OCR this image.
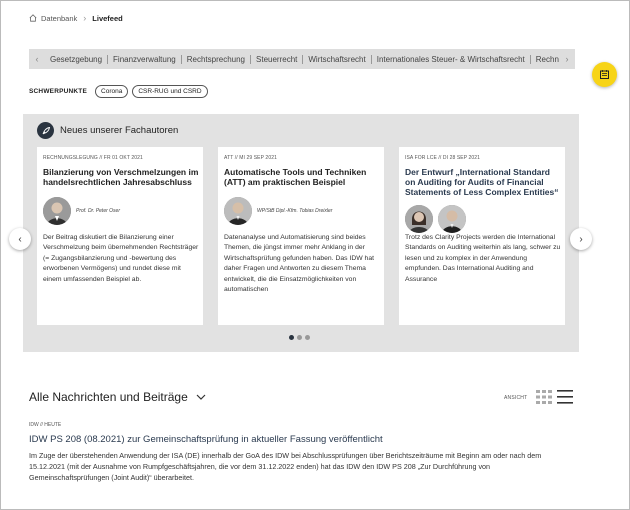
Datenbank › Livefeed
‹	Gesetzgebung	Finanzverwaltung	Rechtsprechung	Steuerrecht	Wirtschaftsrecht	Internationales Steuer- & Wirtschaftsrecht	Rechn ›
SCHWERPUNKTE	Corona	CSR-RUG und CSRD
Neues unserer Fachautoren
RECHNUNGSLEGUNG // FR 01 OKT 2021
Bilanzierung von Verschmelzungen im handelsrechtlichen Jahresabschluss
Prof. Dr. Peter Oser
Der Beitrag diskutiert die Bilanzierung einer Verschmelzung beim übernehmenden Rechtsträger (= Zugangsbilanzierung und -bewertung des erworbenen Vermögens) und rundet diese mit einem umfassenden Beispiel ab.
ATT // MI 29 SEP 2021
Automatische Tools und Techniken (ATT) am praktischen Beispiel
WP/StB Dipl.-Kfm. Tobias Dreixler
Datenanalyse und Automatisierung sind beides Themen, die jüngst immer mehr Anklang in der Wirtschaftsprüfung gefunden haben. Das IDW hat daher Fragen und Antworten zu diesem Thema entwickelt, die die Einsatzmöglichkeiten von automatischen
ISA FOR LCE // DI 28 SEP 2021
Der Entwurf „International Standard on Auditing for Audits of Financial Statements of Less Complex Entities“
Trotz des Clarity Projects werden die International Standards on Auditing weiterhin als lang, schwer zu lesen und zu komplex in der Anwendung empfunden. Das International Auditing and Assurance
‹	›
Alle Nachrichten und Beiträge	ANSICHT
IDW // HEUTE
IDW PS 208 (08.2021) zur Gemeinschaftsprüfung in aktueller Fassung veröffentlicht
Im Zuge der überstehenden Anwendung der ISA (DE) innerhalb der GoA des IDW bei Abschlussprüfungen über Berichtszeiträume mit Beginn am oder nach dem 15.12.2021 (mit der Ausnahme von Rumpfgeschäftsjahren, die vor dem 31.12.2022 enden) hat das IDW den IDW PS 208 „Zur Durchführung von Gemeinschaftsprüfungen (Joint Audit)“ überarbeitet.
